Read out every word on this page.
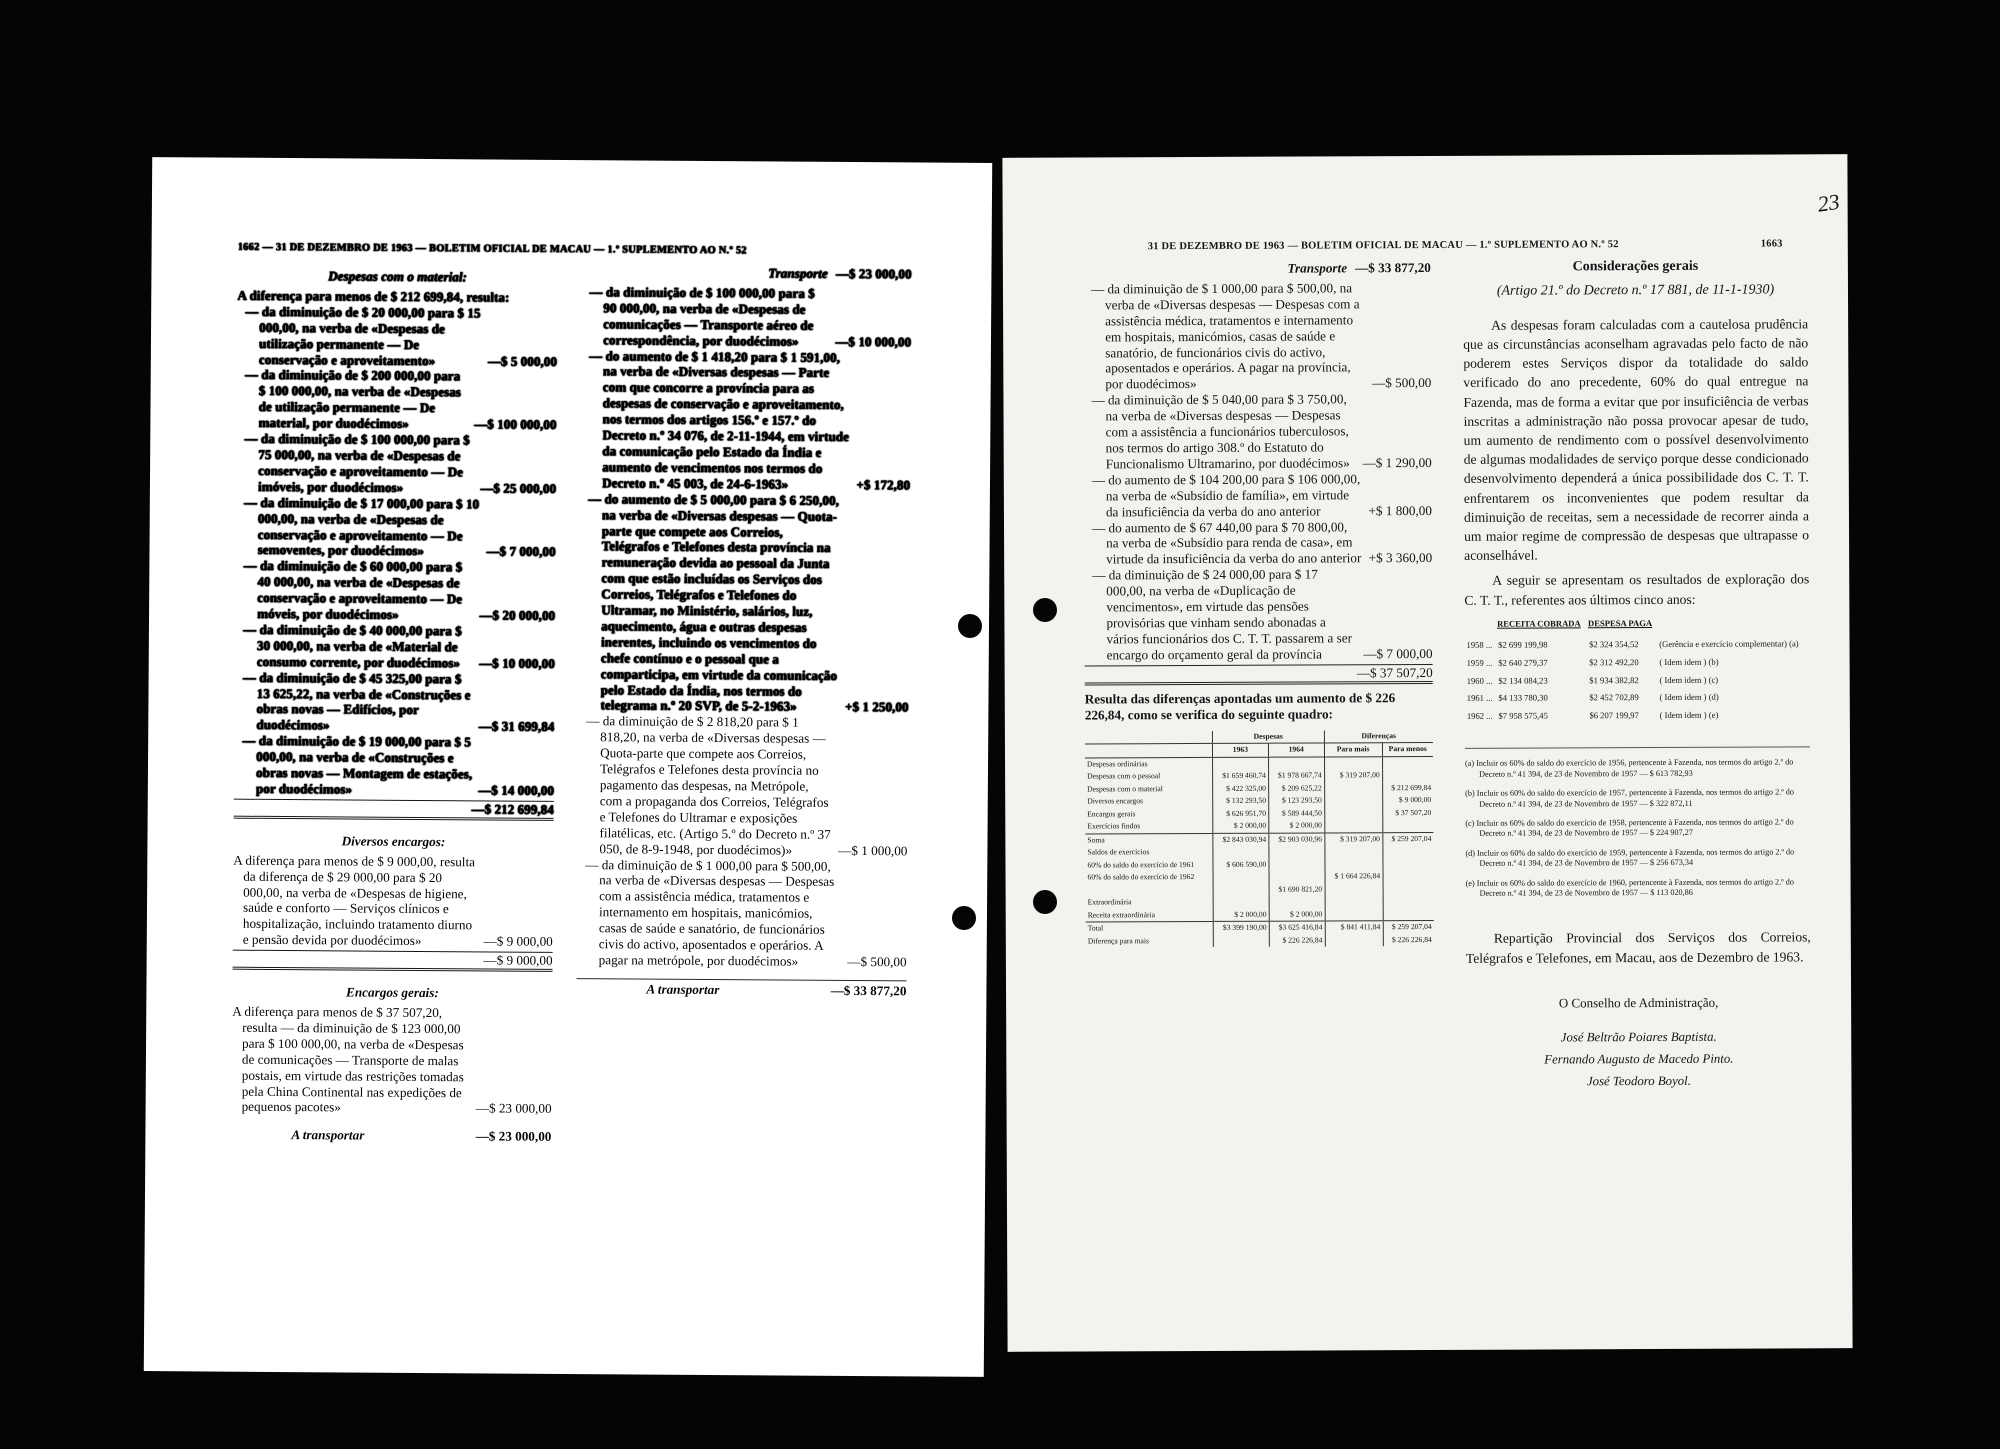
1662 — 31 DE DEZEMBRO DE 1963 — BOLETIM OFICIAL DE MACAU — 1.º SUPLEMENTO AO N.º 52
Despesas com o material:
A diferença para menos de $ 212 699,84, resulta:
— da diminuição de $ 20 000,00 para $ 15 000,00, na verba de «Despesas de utilização permanente — De conservação e aproveitamento»	—$ 5 000,00
— da diminuição de $ 200 000,00 para $ 100 000,00, na verba de «Despesas de utilização permanente — De material, por duodécimos»	—$ 100 000,00
— da diminuição de $ 100 000,00 para $ 75 000,00, na verba de «Despesas de conservação e aproveitamento — De imóveis, por duodécimos»	—$ 25 000,00
— da diminuição de $ 17 000,00 para $ 10 000,00, na verba de «Despesas de conservação e aproveitamento — De semoventes, por duodécimos»	—$ 7 000,00
— da diminuição de $ 60 000,00 para $ 40 000,00, na verba de «Despesas de conservação e aproveitamento — De móveis, por duodécimos»	—$ 20 000,00
— da diminuição de $ 40 000,00 para $ 30 000,00, na verba de «Material de consumo corrente, por duodécimos»	—$ 10 000,00
— da diminuição de $ 45 325,00 para $ 13 625,22, na verba de «Construções e obras novas — Edifícios, por duodécimos»	—$ 31 699,84
— da diminuição de $ 19 000,00 para $ 5 000,00, na verba de «Construções e obras novas — Montagem de estações, por duodécimos»	—$ 14 000,00
—$ 212 699,84
Diversos encargos:
A diferença para menos de $ 9 000,00, resulta da diferença de $ 29 000,00 para $ 20 000,00, na verba de «Despesas de higiene, saúde e conforto — Serviços clínicos e hospitalização, incluindo tratamento diurno e pensão devida por duodécimos»	—$ 9 000,00
—$ 9 000,00
Encargos gerais:
A diferença para menos de $ 37 507,20, resulta — da diminuição de $ 123 000,00 para $ 100 000,00, na verba de «Despesas de comunicações — Transporte de malas postais, em virtude das restrições tomadas pela China Continental nas expedições de pequenos pacotes»	—$ 23 000,00
A transportar	—$ 23 000,00
Transporte —$ 23 000,00
— da diminuição de $ 100 000,00 para $ 90 000,00, na verba de «Despesas de comunicações — Transporte aéreo de correspondência, por duodécimos»	—$ 10 000,00
— do aumento de $ 1 418,20 para $ 1 591,00, na verba de «Diversas despesas — Parte com que concorre a província para as despesas de conservação e aproveitamento, nos termos dos artigos 156.º e 157.º do Decreto n.º 34 076, de 2-11-1944, em virtude da comunicação pelo Estado da Índia e aumento de vencimentos nos termos do Decreto n.º 45 003, de 24-6-1963»	+$ 172,80
— do aumento de $ 5 000,00 para $ 6 250,00, na verba de «Diversas despesas — Quota-parte que compete aos Correios, Telégrafos e Telefones desta província na remuneração devida ao pessoal da Junta com que estão incluídas os Serviços dos Correios, Telégrafos e Telefones do Ultramar, no Ministério, salários, luz, aquecimento, água e outras despesas inerentes, incluindo os vencimentos do chefe contínuo e o pessoal que a comparticipa, em virtude da comunicação pelo Estado da Índia, nos termos do telegrama n.º 20 SVP, de 5-2-1963»	+$ 1 250,00
— da diminuição de $ 2 818,20 para $ 1 818,20, na verba de «Diversas despesas — Quota-parte que compete aos Correios, Telégrafos e Telefones desta província no pagamento das despesas, na Metrópole, com a propaganda dos Correios, Telégrafos e Telefones do Ultramar e exposições filatélicas, etc. (Artigo 5.º do Decreto n.º 37 050, de 8-9-1948, por duodécimos)»	—$ 1 000,00
— da diminuição de $ 1 000,00 para $ 500,00, na verba de «Diversas despesas — Despesas com a assistência médica, tratamentos e internamento em hospitais, manicómios, casas de saúde e sanatório, de funcionários civis do activo, aposentados e operários. A pagar na metrópole, por duodécimos»	—$ 500,00
A transportar	—$ 33 877,20
31 DE DEZEMBRO DE 1963 — BOLETIM OFICIAL DE MACAU — 1.º SUPLEMENTO AO N.º 52	1663
23
Transporte —$ 33 877,20
— da diminuição de $ 1 000,00 para $ 500,00, na verba de «Diversas despesas — Despesas com a assistência médica, tratamentos e internamento em hospitais, manicómios, casas de saúde e sanatório, de funcionários civis do activo, aposentados e operários. A pagar na província, por duodécimos»	—$ 500,00
— da diminuição de $ 5 040,00 para $ 3 750,00, na verba de «Diversas despesas — Despesas com a assistência a funcionários tuberculosos, nos termos do artigo 308.º do Estatuto do Funcionalismo Ultramarino, por duodécimos» —$ 1 290,00
— do aumento de $ 104 200,00 para $ 106 000,00, na verba de «Subsídio de família», em virtude da insuficiência da verba do ano anterior	+$ 1 800,00
— do aumento de $ 67 440,00 para $ 70 800,00, na verba de «Subsídio para renda de casa», em virtude da insuficiência da verba do ano anterior +$ 3 360,00
— da diminuição de $ 24 000,00 para $ 17 000,00, na verba de «Duplicação de vencimentos», em virtude das pensões provisórias que vinham sendo abonadas a vários funcionários dos C. T. T. passarem a ser encargo do orçamento geral da província	—$ 7 000,00
—$ 37 507,20
Resulta das diferenças apontadas um aumento de $ 226 226,84, como se verifica do seguinte quadro:
	Despesas		Diferenças	
	1963	1964	Para mais	Para menos
Despesas ordinárias				
Despesas com o pessoal	$1 659 460,74	$1 978 667,74	$ 319 207,00	
Despesas com o material	$ 422 325,00	$ 209 625,22		$ 212 699,84
Diversos encargos	$ 132 293,50	$ 123 293,50		$ 9 000,00
Encargos gerais	$ 626 951,70	$ 589 444,50		$ 37 507,20
Exercícios findos	$ 2 000,00	$ 2 000,00		
Soma	$2 843 030,94	$2 903 030,96	$ 319 207,00	$ 259 207,04
Saldos de exercícios				
60% do saldo do exercício de 1961	$ 606 590,00			
60% do saldo do exercício de 1962			$ 1 664 226,84	
		$1 690 821,20		
Extraordinária				
Receita extraordinária	$ 2 000,00	$ 2 000,00		
Total	$3 399 190,00	$3 625 416,84	$ 841 411,84	$ 259 207,04
Diferença para mais		$ 226 226,84		$ 226 226,84
Considerações gerais
(Artigo 21.º do Decreto n.º 17 881, de 11-1-1930)

As despesas foram calculadas com a cautelosa prudência que as circunstâncias aconselham agravadas pelo facto de não poderem estes Serviços dispor da totalidade do saldo verificado do ano precedente, 60% do qual entregue na Fazenda, mas de forma a evitar que por insuficiência de verbas inscritas a administração não possa provocar apesar de tudo, um aumento de rendimento com o possível desenvolvimento de algumas modalidades de serviço porque desse condicionado desenvolvimento dependerá a única possibilidade dos C. T. T. enfrentarem os inconvenientes que podem resultar da diminuição de receitas, sem a necessidade de recorrer ainda a um maior regime de compressão de despesas que ultrapasse o aconselhável.

A seguir se apresentam os resultados de exploração dos C. T. T., referentes aos últimos cinco anos:

	RECEITA COBRADA	DESPESA PAGA	
1958 ...	$2 699 199,98	$2 324 354,52	(Gerência e exercício complementar) (a)
1959 ...	$2 640 279,37	$2 312 492,20	( Idem idem ) (b)
1960 ...	$2 134 084,23	$1 934 382,82	( Idem idem ) (c)
1961 ...	$4 133 780,30	$2 452 702,89	( Idem idem ) (d)
1962 ...	$7 958 575,45	$6 207 199,97	( Idem idem ) (e)
(a) Incluir os 60% do saldo do exercício de 1956, pertencente à Fazenda, nos termos do artigo 2.º do Decreto n.º 41 394, de 23 de Novembro de 1957 — $ 613 782,93
(b) Incluir os 60% do saldo do exercício de 1957, pertencente à Fazenda, nos termos do artigo 2.º do Decreto n.º 41 394, de 23 de Novembro de 1957 — $ 322 872,11
(c) Incluir os 60% do saldo do exercício de 1958, pertencente à Fazenda, nos termos do artigo 2.º do Decreto n.º 41 394, de 23 de Novembro de 1957 — $ 224 907,27
(d) Incluir os 60% do saldo do exercício de 1959, pertencente à Fazenda, nos termos do artigo 2.º do Decreto n.º 41 394, de 23 de Novembro de 1957 — $ 256 673,34
(e) Incluir os 60% do saldo do exercício de 1960, pertencente à Fazenda, nos termos do artigo 2.º do Decreto n.º 41 394, de 23 de Novembro de 1957 — $ 113 020,86

Repartição Provincial dos Serviços dos Correios, Telégrafos e Telefones, em Macau, aos de Dezembro de 1963.

O Conselho de Administração,
José Beltrão Poiares Baptista.
Fernando Augusto de Macedo Pinto.
José Teodoro Boyol.
